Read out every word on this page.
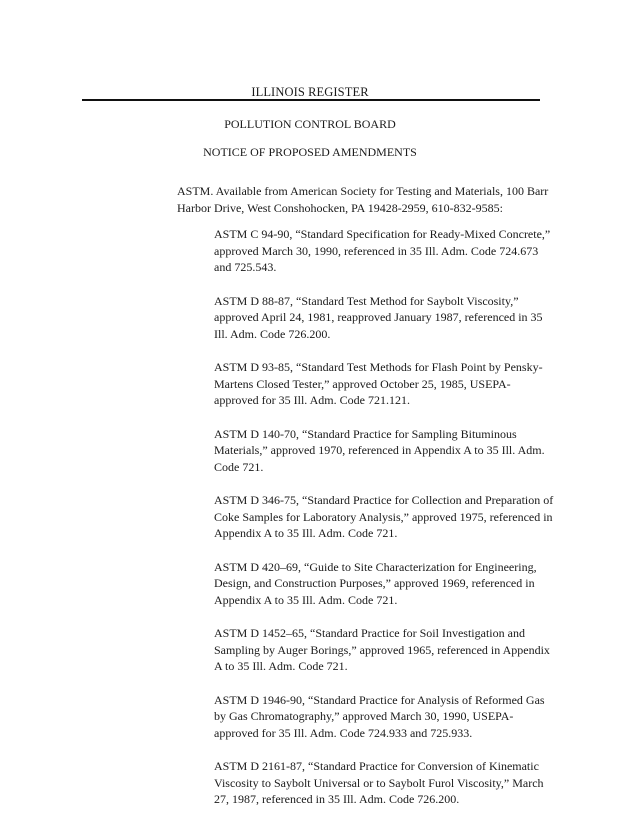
ILLINOIS REGISTER
POLLUTION CONTROL BOARD
NOTICE OF PROPOSED AMENDMENTS
ASTM. Available from American Society for Testing and Materials, 100 Barr Harbor Drive, West Conshohocken, PA 19428-2959, 610-832-9585:
ASTM C 94-90, “Standard Specification for Ready-Mixed Concrete,” approved March 30, 1990, referenced in 35 Ill. Adm. Code 724.673 and 725.543.
ASTM D 88-87, “Standard Test Method for Saybolt Viscosity,” approved April 24, 1981, reapproved January 1987, referenced in 35 Ill. Adm. Code 726.200.
ASTM D 93-85, “Standard Test Methods for Flash Point by Pensky-Martens Closed Tester,” approved October 25, 1985, USEPA-approved for 35 Ill. Adm. Code 721.121.
ASTM D 140-70, “Standard Practice for Sampling Bituminous Materials,” approved 1970, referenced in Appendix A to 35 Ill. Adm. Code 721.
ASTM D 346-75, “Standard Practice for Collection and Preparation of Coke Samples for Laboratory Analysis,” approved 1975, referenced in Appendix A to 35 Ill. Adm. Code 721.
ASTM D 420–69, “Guide to Site Characterization for Engineering, Design, and Construction Purposes,” approved 1969, referenced in Appendix A to 35 Ill. Adm. Code 721.
ASTM D 1452–65, “Standard Practice for Soil Investigation and Sampling by Auger Borings,” approved 1965, referenced in Appendix A to 35 Ill. Adm. Code 721.
ASTM D 1946-90, “Standard Practice for Analysis of Reformed Gas by Gas Chromatography,” approved March 30, 1990, USEPA-approved for 35 Ill. Adm. Code 724.933 and 725.933.
ASTM D 2161-87, “Standard Practice for Conversion of Kinematic Viscosity to Saybolt Universal or to Saybolt Furol Viscosity,” March 27, 1987, referenced in 35 Ill. Adm. Code 726.200.
